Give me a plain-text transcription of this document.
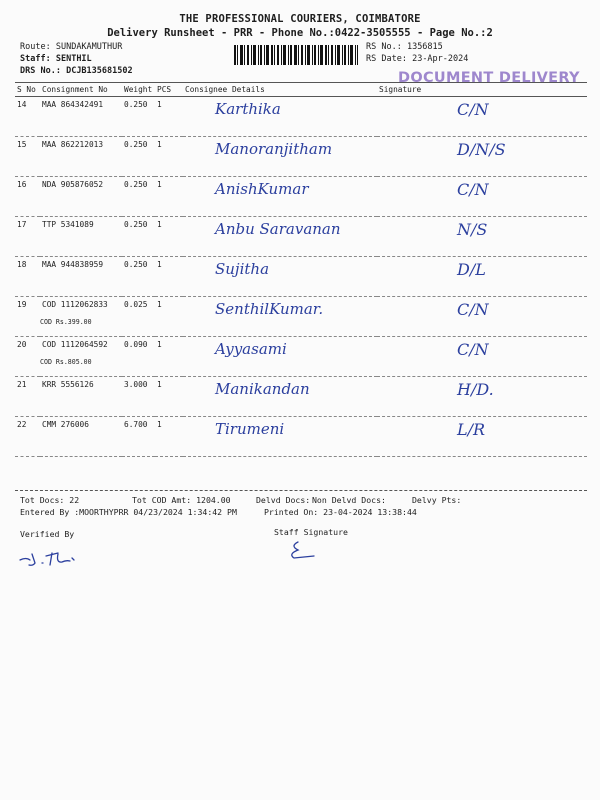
THE PROFESSIONAL COURIERS, COIMBATORE
Delivery Runsheet - PRR - Phone No.:0422-3505555 - Page No.:2
Route: SUNDAKAMUTHUR
Staff: SENTHIL
DRS No.: DCJB135681502
RS No.: 1356815
RS Date: 23-Apr-2024
DOCUMENT DELIVERY
S No	Consignment No	Weight	PCS	Consignee Details	Signature
14	MAA 864342491	0.250	1	Karthika	C/N
15	MAA 862212013	0.250	1	Manoranjitham	D/N/S
16	NDA 905876052	0.250	1	AnishKumar	C/N
17	TTP 5341089	0.250	1	Anbu Saravanan	N/S
18	MAA 944838959	0.250	1	Sujitha	D/L
19	COD 1112062833
COD Rs.399.00	0.025	1	SenthilKumar.	C/N
20	COD 1112064592
COD Rs.805.00	0.090	1	Ayyasami	C/N
21	KRR 5556126	3.000	1	Manikandan	H/D.
22	CMM 276006	6.700	1	Tirumeni	L/R
Tot Docs: 22	Tot COD Amt: 1204.00	Delvd Docs: Non Delvd Docs:	Delvy Pts:
Entered By :MOORTHYPRR 04/23/2024 1:34:42 PM	Printed On: 23-04-2024 13:38:44
Verified By	Staff Signature
